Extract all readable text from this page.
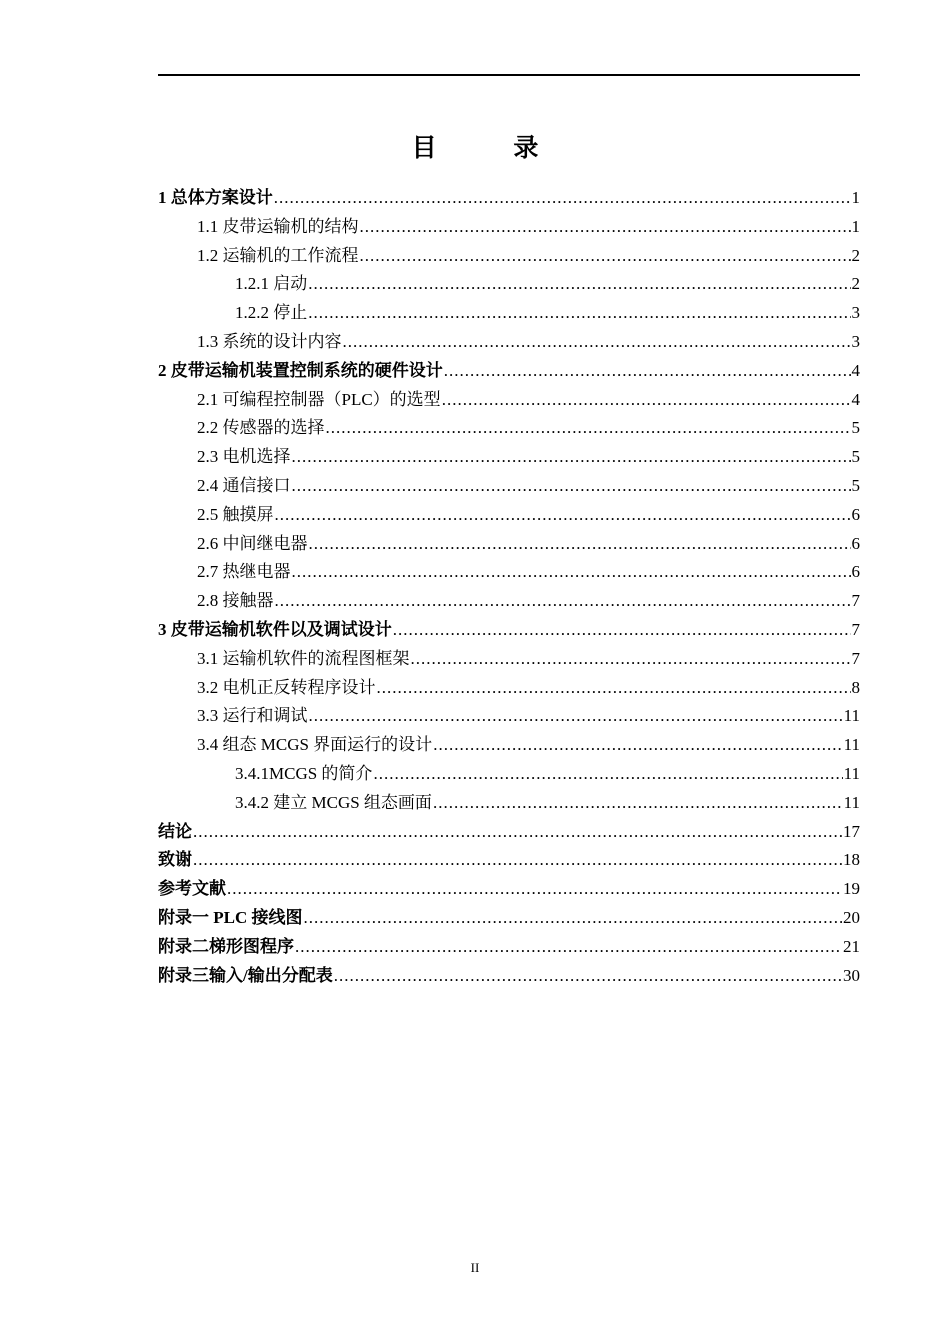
目 录
1 总体方案设计 .....	1
1.1 皮带运输机的结构 .....	1
1.2 运输机的工作流程 .....	2
1.2.1 启动 .....	2
1.2.2 停止 .....	3
1.3 系统的设计内容 .....	3
2 皮带运输机装置控制系统的硬件设计 .....	4
2.1 可编程控制器（PLC）的选型 .....	4
2.2 传感器的选择 .....	5
2.3 电机选择 .....	5
2.4 通信接口 .....	5
2.5 触摸屏 .....	6
2.6 中间继电器 .....	6
2.7 热继电器 .....	6
2.8 接触器 .....	7
3 皮带运输机软件以及调试设计 .....	7
3.1 运输机软件的流程图框架 .....	7
3.2 电机正反转程序设计 .....	8
3.3 运行和调试 .....	11
3.4 组态 MCGS 界面运行的设计 .....	11
3.4.1MCGS 的简介 .....	11
3.4.2 建立 MCGS 组态画面 .....	11
结论 .....	17
致谢 .....	18
参考文献 .....	19
附录一 PLC 接线图 .....	20
附录二梯形图程序 .....	21
附录三输入/输出分配表 .....	30
II
